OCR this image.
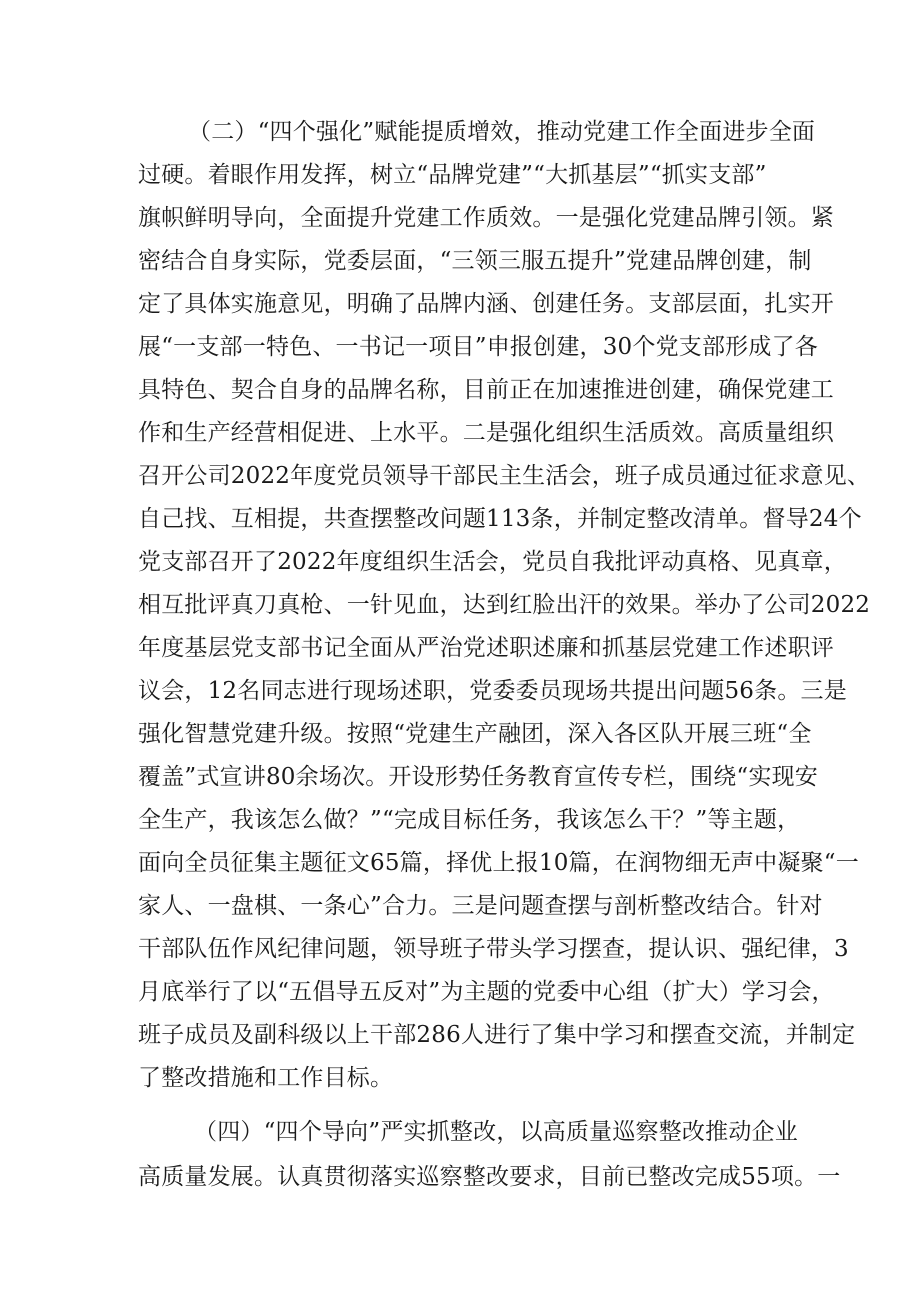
（二）“四个强化”赋能提质增效，推动党建工作全面进步全面
过硬。着眼作用发挥，树立“品牌党建”“大抓基层”“抓实支部”
旗帜鲜明导向，全面提升党建工作质效。一是强化党建品牌引领。紧
密结合自身实际，党委层面，“三领三服五提升”党建品牌创建，制
定了具体实施意见，明确了品牌内涵、创建任务。支部层面，扎实开
展“一支部一特色、一书记一项目”申报创建，30个党支部形成了各
具特色、契合自身的品牌名称，目前正在加速推进创建，确保党建工
作和生产经营相促进、上水平。二是强化组织生活质效。高质量组织
召开公司2022年度党员领导干部民主生活会，班子成员通过征求意见、
自己找、互相提，共查摆整改问题113条，并制定整改清单。督导24个
党支部召开了2022年度组织生活会，党员自我批评动真格、见真章，
相互批评真刀真枪、一针见血，达到红脸出汗的效果。举办了公司2022
年度基层党支部书记全面从严治党述职述廉和抓基层党建工作述职评
议会，12名同志进行现场述职，党委委员现场共提出问题56条。三是
强化智慧党建升级。按照“党建生产融团，深入各区队开展三班“全
覆盖”式宣讲80余场次。开设形势任务教育宣传专栏，围绕“实现安
全生产，我该怎么做？”“完成目标任务，我该怎么干？”等主题，
面向全员征集主题征文65篇，择优上报10篇，在润物细无声中凝聚“一
家人、一盘棋、一条心”合力。三是问题查摆与剖析整改结合。针对
干部队伍作风纪律问题，领导班子带头学习摆查，提认识、强纪律，3
月底举行了以“五倡导五反对”为主题的党委中心组（扩大）学习会，
班子成员及副科级以上干部286人进行了集中学习和摆查交流，并制定
了整改措施和工作目标。
（四）“四个导向”严实抓整改，以高质量巡察整改推动企业
高质量发展。认真贯彻落实巡察整改要求，目前已整改完成55项。一
